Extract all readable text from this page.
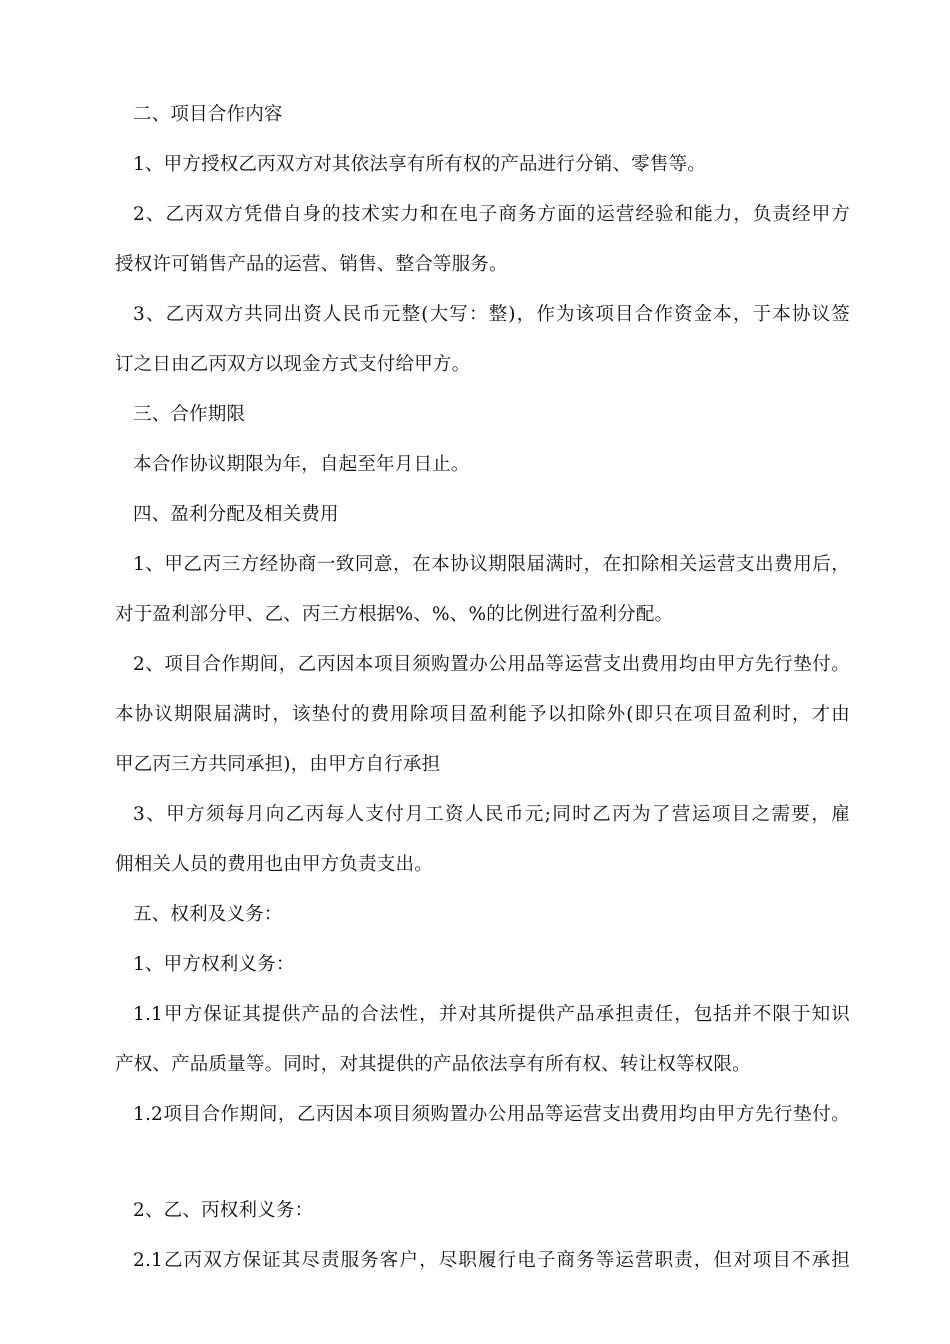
二、项目合作内容
1、甲方授权乙丙双方对其依法享有所有权的产品进行分销、零售等。
2、乙丙双方凭借自身的技术实力和在电子商务方面的运营经验和能力，负责经甲方
授权许可销售产品的运营、销售、整合等服务。
3、乙丙双方共同出资人民币元整(大写：整)，作为该项目合作资金本，于本协议签
订之日由乙丙双方以现金方式支付给甲方。
三、合作期限
本合作协议期限为年，自起至年月日止。
四、盈利分配及相关费用
1、甲乙丙三方经协商一致同意，在本协议期限届满时，在扣除相关运营支出费用后，
对于盈利部分甲、乙、丙三方根据%、%、%的比例进行盈利分配。
2、项目合作期间，乙丙因本项目须购置办公用品等运营支出费用均由甲方先行垫付。
本协议期限届满时，该垫付的费用除项目盈利能予以扣除外(即只在项目盈利时，才由
甲乙丙三方共同承担)，由甲方自行承担
3、甲方须每月向乙丙每人支付月工资人民币元;同时乙丙为了营运项目之需要，雇
佣相关人员的费用也由甲方负责支出。
五、权利及义务：
1、甲方权利义务：
1.1甲方保证其提供产品的合法性，并对其所提供产品承担责任，包括并不限于知识
产权、产品质量等。同时，对其提供的产品依法享有所有权、转让权等权限。
1.2项目合作期间，乙丙因本项目须购置办公用品等运营支出费用均由甲方先行垫付。
2、乙、丙权利义务：
2.1乙丙双方保证其尽责服务客户，尽职履行电子商务等运营职责，但对项目不承担
